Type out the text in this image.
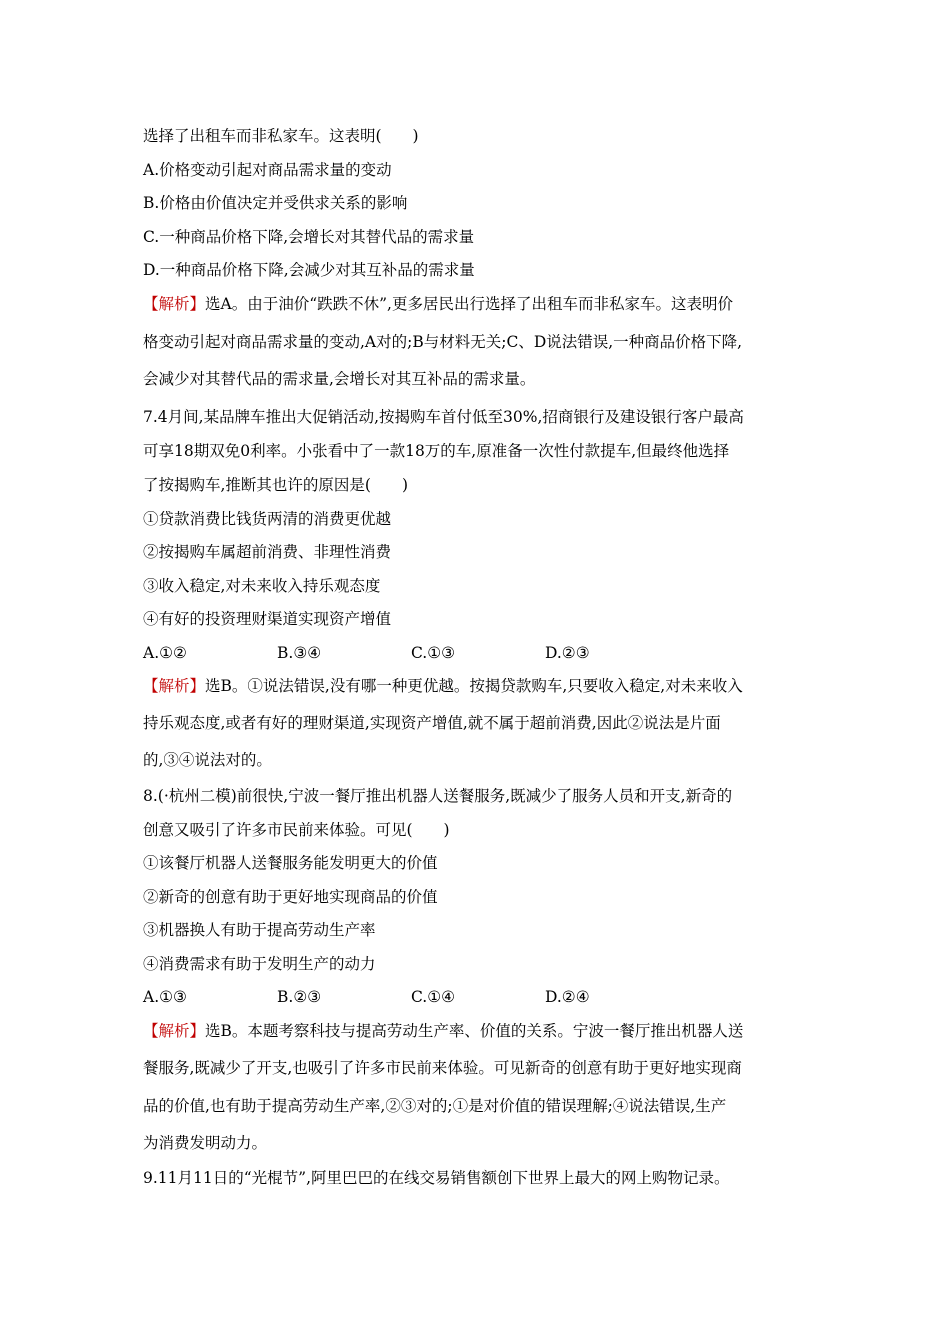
选择了出租车而非私家车。这表明(　　)
A.价格变动引起对商品需求量的变动
B.价格由价值决定并受供求关系的影响
C.一种商品价格下降,会增长对其替代品的需求量
D.一种商品价格下降,会减少对其互补品的需求量
【解析】选A。由于油价“跌跌不休”,更多居民出行选择了出租车而非私家车。这表明价
格变动引起对商品需求量的变动,A对的;B与材料无关;C、D说法错误,一种商品价格下降,
会减少对其替代品的需求量,会增长对其互补品的需求量。
7.4月间,某品牌车推出大促销活动,按揭购车首付低至30%,招商银行及建设银行客户最高
可享18期双免0利率。小张看中了一款18万的车,原准备一次性付款提车,但最终他选择
了按揭购车,推断其也许的原因是(　　)
①贷款消费比钱货两清的消费更优越
②按揭购车属超前消费、非理性消费
③收入稳定,对未来收入持乐观态度
④有好的投资理财渠道实现资产增值
A.①②	B.③④	C.①③	D.②③
【解析】选B。①说法错误,没有哪一种更优越。按揭贷款购车,只要收入稳定,对未来收入
持乐观态度,或者有好的理财渠道,实现资产增值,就不属于超前消费,因此②说法是片面
的,③④说法对的。
8.(·杭州二模)前很快,宁波一餐厅推出机器人送餐服务,既减少了服务人员和开支,新奇的
创意又吸引了许多市民前来体验。可见(　　)
①该餐厅机器人送餐服务能发明更大的价值
②新奇的创意有助于更好地实现商品的价值
③机器换人有助于提高劳动生产率
④消费需求有助于发明生产的动力
A.①③	B.②③	C.①④	D.②④
【解析】选B。本题考察科技与提高劳动生产率、价值的关系。宁波一餐厅推出机器人送
餐服务,既减少了开支,也吸引了许多市民前来体验。可见新奇的创意有助于更好地实现商
品的价值,也有助于提高劳动生产率,②③对的;①是对价值的错误理解;④说法错误,生产
为消费发明动力。
9.11月11日的“光棍节”,阿里巴巴的在线交易销售额创下世界上最大的网上购物记录。
